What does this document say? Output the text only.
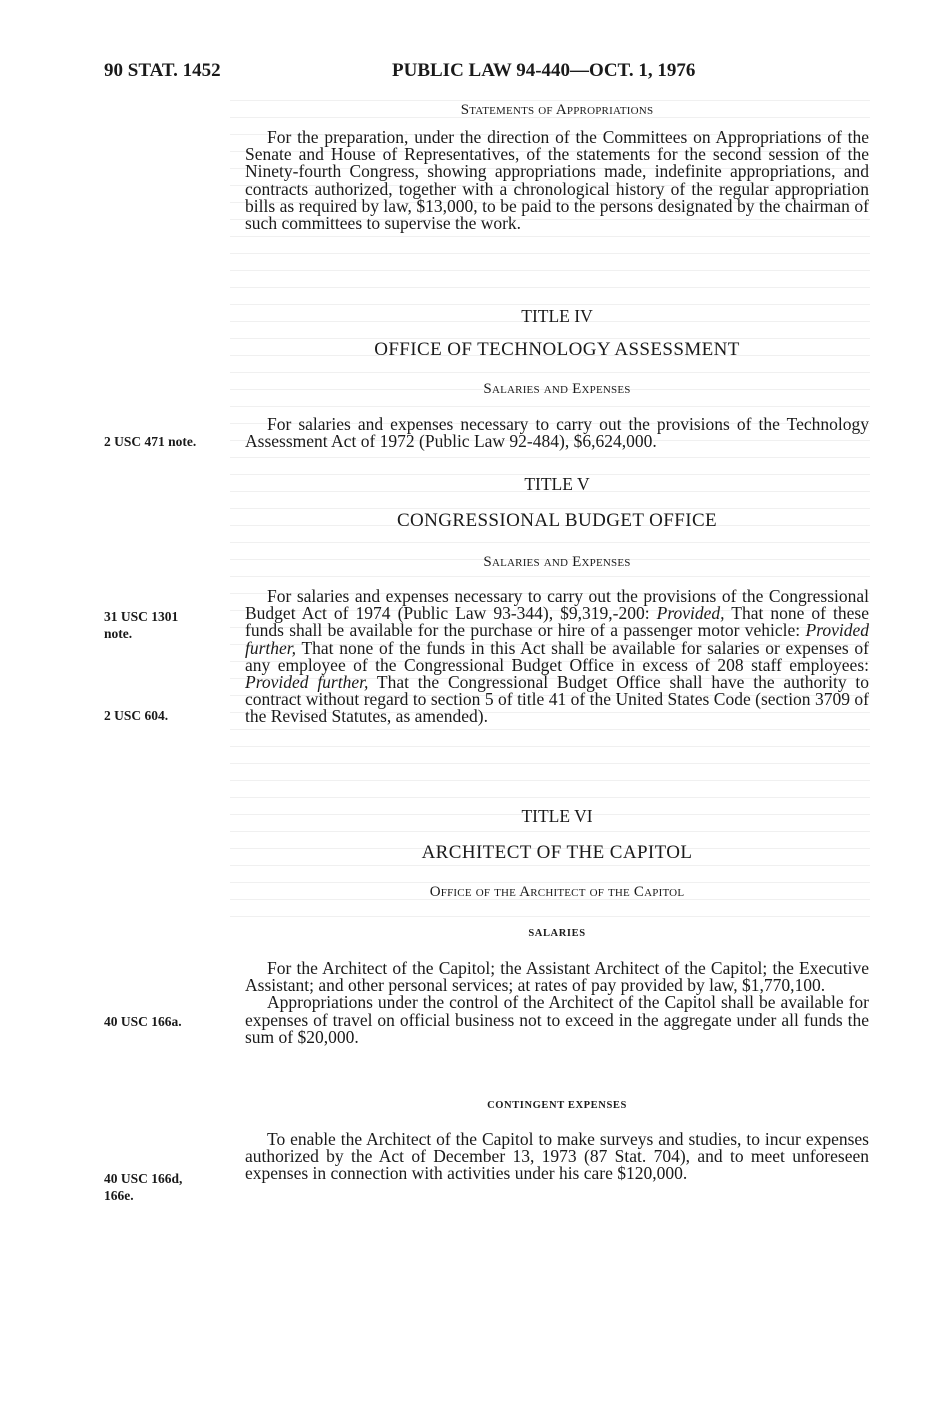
90 STAT. 1452	PUBLIC LAW 94-440—OCT. 1, 1976

Statements of Appropriations

For the preparation, under the direction of the Committees on Appropriations of the Senate and House of Representatives, of the statements for the second session of the Ninety-fourth Congress, showing appropriations made, indefinite appropriations, and contracts authorized, together with a chronological history of the regular appropriation bills as required by law, $13,000, to be paid to the persons designated by the chairman of such committees to supervise the work.

TITLE IV

OFFICE OF TECHNOLOGY ASSESSMENT

Salaries and Expenses

2 USC 471 note.

For salaries and expenses necessary to carry out the provisions of the Technology Assessment Act of 1972 (Public Law 92-484), $6,624,000.

TITLE V

CONGRESSIONAL BUDGET OFFICE

Salaries and Expenses

31 USC 1301
note.
2 USC 604.

For salaries and expenses necessary to carry out the provisions of the Congressional Budget Act of 1974 (Public Law 93-344), $9,319,-200: Provided, That none of these funds shall be available for the purchase or hire of a passenger motor vehicle: Provided further, That none of the funds in this Act shall be available for salaries or expenses of any employee of the Congressional Budget Office in excess of 208 staff employees: Provided further, That the Congressional Budget Office shall have the authority to contract without regard to section 5 of title 41 of the United States Code (section 3709 of the Revised Statutes, as amended).

TITLE VI

ARCHITECT OF THE CAPITOL

Office of the Architect of the Capitol

SALARIES

For the Architect of the Capitol; the Assistant Architect of the Capitol; the Executive Assistant; and other personal services; at rates of pay provided by law, $1,770,100.

Appropriations under the control of the Architect of the Capitol shall be available for expenses of travel on official business not to exceed in the aggregate under all funds the sum of $20,000.

40 USC 166a.

CONTINGENT EXPENSES

To enable the Architect of the Capitol to make surveys and studies, to incur expenses authorized by the Act of December 13, 1973 (87 Stat. 704), and to meet unforeseen expenses in connection with activities under his care $120,000.

40 USC 166d,
166e.
